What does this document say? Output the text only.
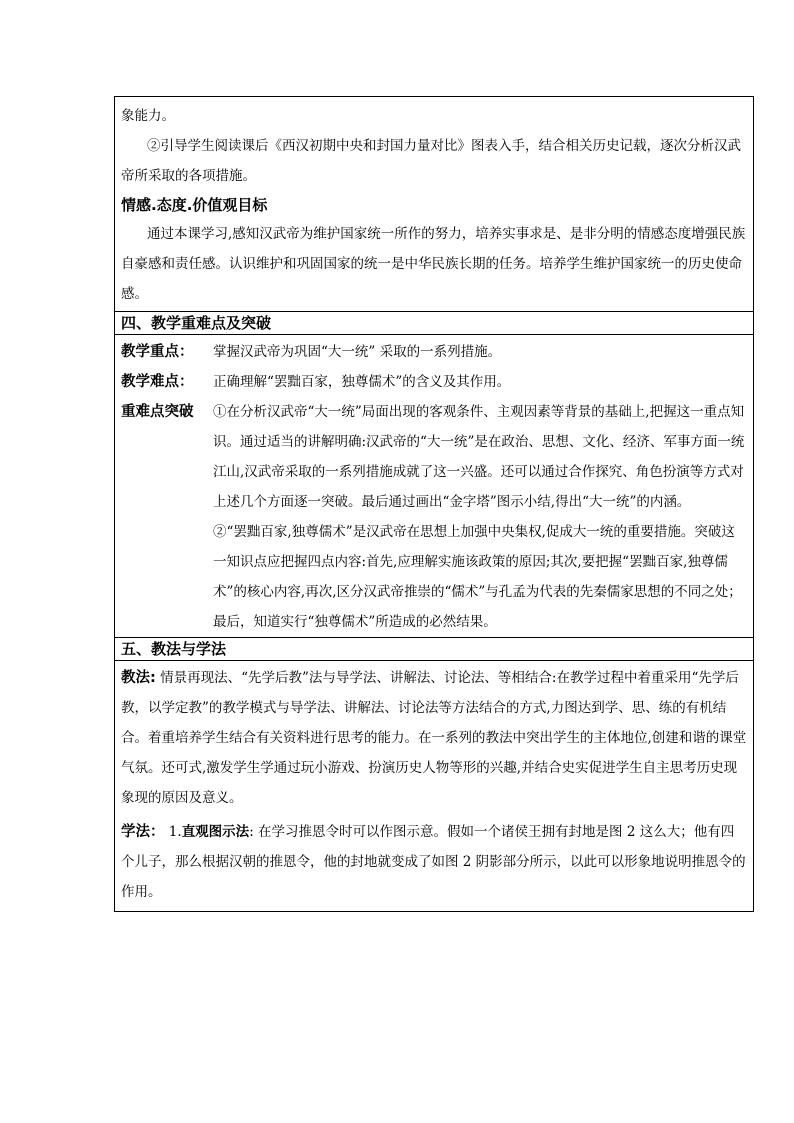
象能力。

②引导学生阅读课后《西汉初期中央和封国力量对比》图表入手，结合相关历史记载，逐次分析汉武帝所采取的各项措施。

情感.态度.价值观目标

通过本课学习,感知汉武帝为维护国家统一所作的努力，培养实事求是、是非分明的情感态度增强民族自豪感和责任感。认识维护和巩固国家的统一是中华民族长期的任务。培养学生维护国家统一的历史使命感。

四、教学重难点及突破
教学重点：	掌握汉武帝为巩固“大一统” 采取的一系列措施。
教学难点：	正确理解“罢黜百家，独尊儒术”的含义及其作用。
重难点突破	①在分析汉武帝“大一统”局面出现的客观条件、主观因素等背景的基础上,把握这一重点知识。通过适当的讲解明确:汉武帝的“大一统”是在政治、思想、文化、经济、军事方面一统江山,汉武帝采取的一系列措施成就了这一兴盛。还可以通过合作探究、角色扮演等方式对上述几个方面逐一突破。最后通过画出“金字塔”图示小结,得出“大一统”的内涵。

②“罢黜百家,独尊儒术”是汉武帝在思想上加强中央集权,促成大一统的重要措施。突破这一知识点应把握四点内容:首先,应理解实施该政策的原因;其次,要把握“罢黜百家,独尊儒术”的核心内容,再次,区分汉武帝推崇的“儒术”与孔孟为代表的先秦儒家思想的不同之处；最后，知道实行“独尊儒术”所造成的必然结果。

五、教法与学法

教法: 情景再现法、“先学后教”法与导学法、讲解法、讨论法、等相结合:在教学过程中着重采用“先学后教，以学定教”的教学模式与导学法、讲解法、讨论法等方法结合的方式,力图达到学、思、练的有机结合。着重培养学生结合有关资料进行思考的能力。在一系列的教法中突出学生的主体地位,创建和谐的课堂气氛。还可式,激发学生学通过玩小游戏、扮演历史人物等形的兴趣,并结合史实促进学生自主思考历史现象现的原因及意义。

学法： 1.直观图示法: 在学习推恩令时可以作图示意。假如一个诸侯王拥有封地是图 2 这么大；他有四个儿子，那么根据汉朝的推恩令，他的封地就变成了如图 2 阴影部分所示，以此可以形象地说明推恩令的作用。
